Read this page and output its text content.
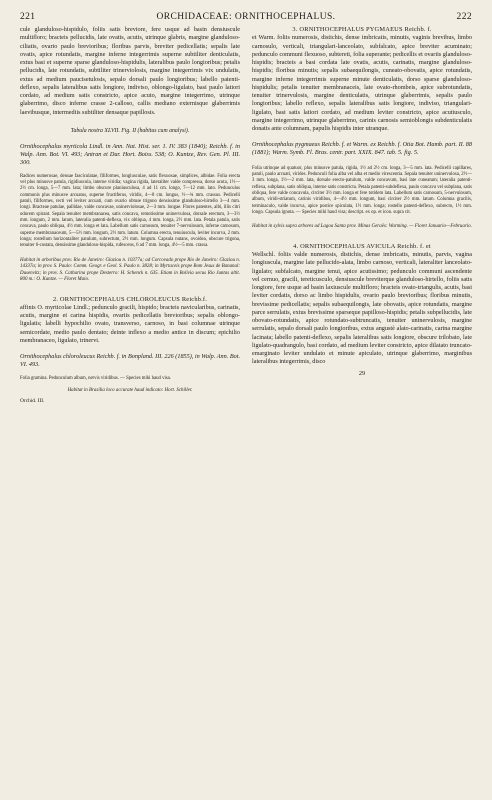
221	ORCHIDACEAE: ORNITHOCEPHALUS.	222

cule glanduloso-hispidulo, foliis satis breviore, fere usque ad basin densiuscule multifloro; bracteis pellucidis, late ovatis, acutis, utrinque glabris, margine glanduloso-ciliatis, ovario paulo brevioribus; floribus parvis, breviter pedicellatis; sepalis late ovatis, apice rotundatis, margine inferne integerrimis superne subtiliter denticulatis, extus basi et superne sparse glanduloso-hispidulis, lateralibus paulo longioribus; petalis pellucidis, late rotundatis, subtiliter trinerviolosis, margine integerrimis vix undulatis, extus ad medium paucisetulosis, sepalo dorsali paulo longioribus; labello patenti-deflexo, sepalis lateralibus satis longiore, indiviso, oblongo-ligulato, basi paulo latiori cordato, ad medium satis constricto, apice acuto, margine integerrimo, utrinque glaberrimo, disco inferne crasse 2-calloso, callis mediano externisque glaberrimis laevibusque, intermediis subtiliter densaque papillosis.

Tabula nostra XLVII. Fig. II (habitus cum analysi).

Ornithocephalus myrticola Lindl. in Ann. Nat. Hist. ser. 1. IV. 383 (1840); Reichb. f. in Walp. Ann. Bot. VI. 493; Antran et Dur. Hort. Boiss. 538; O. Kuntze, Rev. Gen. Pl. III. 300.

Radices numerosae, densae fasciculatae, filiformes, longiusculae, satis flexuosae, simplices, albidae. Folia erecta vel plus minusve patula, rigidiuscula, interne viridia; vagina rigida, lateraliter valde compressa, dorso acuta, 1½—2½ cm. longa, 5—7 mm. lata; limbo obscure planiusculosa, 4 ad 11 cm. longo, 7—12 mm. lato. Pedunculus communis plus minusve arcuatus, superne fructiferus, viridis, 4—8 cm. longus, ½—¾ mm. crassus. Pedicelli patuli, filiformes, recti vel leviter arcuati, cum ovario obtuse trigono densissime glanduloso-hirtello 3—4 mm. longi. Bracteae patulae, pallidae, valde concavae, uninerviolosae, 2—3 mm. longae. Flores patentes, albi, illis citri odorem spirant. Sepala tenuiter membranacea, satis concava, remotissime uninervulosa, dorsale erectum, 3—3½ mm. longum, 2 mm. latum, lateralia patenti-deflexa, vix obliqua, 4 mm. longa, 2½ mm. lata. Petala patula, satis concava, paulo obliqua, 4½ mm. longa et lata. Labellum satis carnosum, tenuiter 7-nervulosum, inferne carnosum, superne membranaceum, 5—5½ mm. longum, 2½ mm. latum. Columna erecta, tenuiuscula, leviter incurva, 2 mm. longa; rostellum horizontaliter patulum, subrectum, 2½ mm. longum. Capsula nutans, ovoidea, obscure trigona, tenuiter 6-costata, densissime glanduloso-hispida, rufescens, 6 ad 7 mm. longa, 4½—5 mm. crassa.

Habitat in arboribus prov. Rio de Janeiro: Glaziou n. 10377a; ad Corcovado prope Rio de Janeiro: Glaziou n. 14337a; in prov. S. Paulo: Comm. Geogr. e Geol. S. Paulo n. 3828; in Myrtaceis prope Bom Jesus de Bananal: Dusenvitz; in prov. S. Catharina prope Desterro: H. Schenck n. 635. Etiam in Bolivia secus Rio Juntas altit. 800 m.: O. Kuntze. — Floret Maio.

2. ORNITHOCEPHALUS CHLOROLEUCUS Reichb.f.

affinis O. myrticolae Lindl.; pedunculo gracili, hispido; bracteis navicularibus, carinatis, acutis, margine et carina hispidis, ovariis pedicellatis brevioribus; sepalis oblongo-ligulatis; labelli hypochilio ovato, transverso, carnoso, in basi columnae utrinque semicordate, medio paulo dentato; deinte inflexo a medio antice in discum; epichilio membranaceo, ligulato, trinervi.

Ornithocephalus chloroleucus Reichb. f. in Bonpland. III. 226 (1855), in Walp. Ann. Bot. VI. 493.

Folia gramina. Pedunculum album, nervis viridibus. — Species mihi haud visa.

Habitat in Brasilia loco accurate haud indicato: Hort. Schiller.

Orchid. III.

3. ORNITHOCEPHALUS PYGMAEUS Reichb. f.

et Warm. foliis numerosis, distichis, dense imbricatis, minutis, vaginis brevibus, limbo carnosulo, verticali, triangulari-lanceolato, subfalcato, apice breviter acuminato; pedunculo communi flexuoso, subtereti, folia superante; pedicellis et ovariis glanduloso-hispidis; bracteis a basi cordata late ovatis, acutis, carinatis, margine glanduloso-hispidis; floribus minutis; sepalis subaequilongis, cuneato-obovatis, apice rotundatis, margine inferne integerrimis superne minute denticulatis, dorso sparse glanduloso-hispidulis; petalis tenuiter membranaceis, late ovato-rhombeis, apice subrotundatis, tenuiter trinervulosis, margine denticulatis, utrinque glaberrimis, sepalis paulo longioribus; labello reflexo, sepalis lateralibus satis longiore, indiviso, triangulari-ligulato, basi satis latiori cordato, ad medium leviter constricto, apice acutiusculo, margine integerrimo, utrinque glaberrimo, carinis carnosis semioblongis subdenticulatis donatis ante columnam, papulis hispidis inter utranque.

Ornithocephalus pygmaeus Reichb. f. et Warm. ex Reichb. f. Otia Bot. Hamb. part. II. 88 (1881); Warm. Symb. Fl. Bras. centr. part. XXIX. 847. tab. 5. fig. 5.

Folia utrinque ad quatuor, plus minusve patula, rigida, 1½ ad 2½ cm. longa, 3—5 mm. lata. Pedicelli capillares, patuli, paulo arcuati, virides. Pedunculi folia alba vel alba et medio virescentia. Sepala tenuiter uninervulosa, 2½—3 mm. longa, 1½—2 mm. lata, dorsale erecto-patulum, valde concavum, basi late cuneatum; lateralia patenti-reflexa, subplana, satis obliqua, interne satis constricta. Petala patenti-subdeflexa, paulo concava vel subplana, satis obliqua, fere valde concavula, circiter 3½ mm. longa et fere totidem lata. Labellum satis carnosum, 5-nervulosum, album, viridi-striatum, carinis viridibus, 4—4½ mm. longum, basi circiter 2½ mm. latum. Columna gracilis, terminaculo, valde incurva, apice postice spiculata, 1½ mm. longa; rostello patenti-deflexo, subrecto, 1½ mm. longo. Capsula ignota. — Species mihi haud visa; descript. ex op. et icon. supra cit.

Habitat in sylvis supra arbores ad Lagoa Santa prov. Minas Geraës: Warming. — Floret Januario—Februario.

4. ORNITHOCEPHALUS AVICULA Reichb. f. et

Wellschl. foliis valde numerosis, distichis, dense imbricatis, minutis, parvis, vagina longiuscula, margine late pellucido-alata, limbo carnoso, verticali, lateraliter lanceolato-ligulato; subfalcato, margine tenui, apice acutissimo; pedunculo communi ascendente vel cernuo, gracili, tereticusculo, densiuscule breviterque glanduloso-hirtello, foliis satis longiore, fere usque ad basin laxiuscule multifloro; bracteis ovato-triangulis, acutis, basi leviter cordatis, dorso ac limbo hispidulis, ovario paulo brevioribus; floribus minutis, brevissime pedicellatis; sepalis subaequilongis, late obovatis, apice rotundatis, margine parce serrulatis, extus brevissime sparseque papilloso-hispidis; petalis subpellucidis, late obovato-rotundatis, apice rotundato-subtruncatis, tenuiter uninervulosis, margine serrulatis, sepalo dorsali paulo longioribus, extus angustè alato-carinatis, carina margine lacinata; labello patenti-deflexo, sepalis lateralibus satis longiore, obscure trilobato, late ligulato-quadrangulo, basi cordato, ad medium leviter constricto, apice dilatato truncato-emarginato leviter undulato et minute apiculato, utrinque glaberrimo, marginibus lateralibus integerrimis, disco

29
